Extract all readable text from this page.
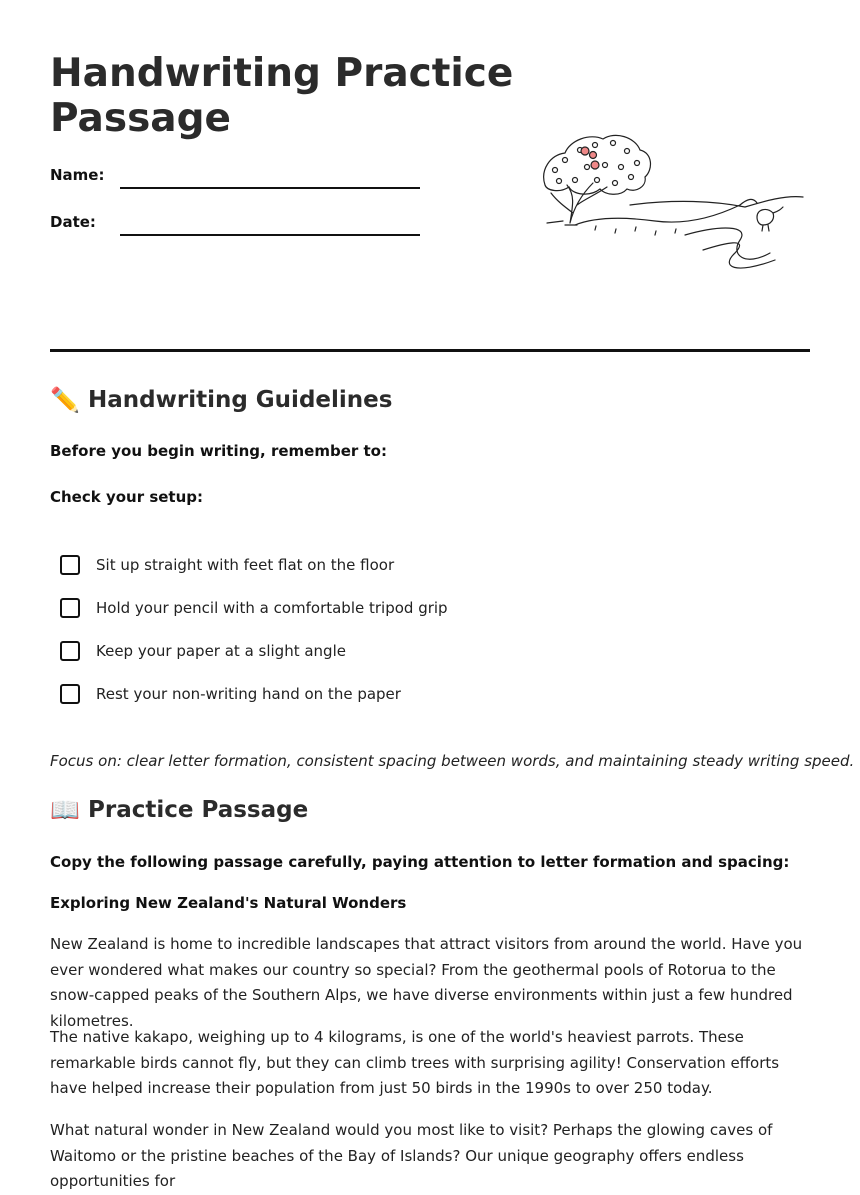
Handwriting Practice Passage
Name:
Date:
✏️ Handwriting Guidelines
Before you begin writing, remember to:
Check your setup:
Sit up straight with feet flat on the floor
Hold your pencil with a comfortable tripod grip
Keep your paper at a slight angle
Rest your non-writing hand on the paper
Focus on: clear letter formation, consistent spacing between words, and maintaining steady writing speed.
📖 Practice Passage
Copy the following passage carefully, paying attention to letter formation and spacing:
Exploring New Zealand's Natural Wonders

New Zealand is home to incredible landscapes that attract visitors from around the world. Have you ever wondered what makes our country so special? From the geothermal pools of Rotorua to the snow-capped peaks of the Southern Alps, we have diverse environments within just a few hundred kilometres.

The native kakapo, weighing up to 4 kilograms, is one of the world's heaviest parrots. These remarkable birds cannot fly, but they can climb trees with surprising agility! Conservation efforts have helped increase their population from just 50 birds in the 1990s to over 250 today.

What natural wonder in New Zealand would you most like to visit? Perhaps the glowing caves of Waitomo or the pristine beaches of the Bay of Islands? Our unique geography offers endless opportunities for
